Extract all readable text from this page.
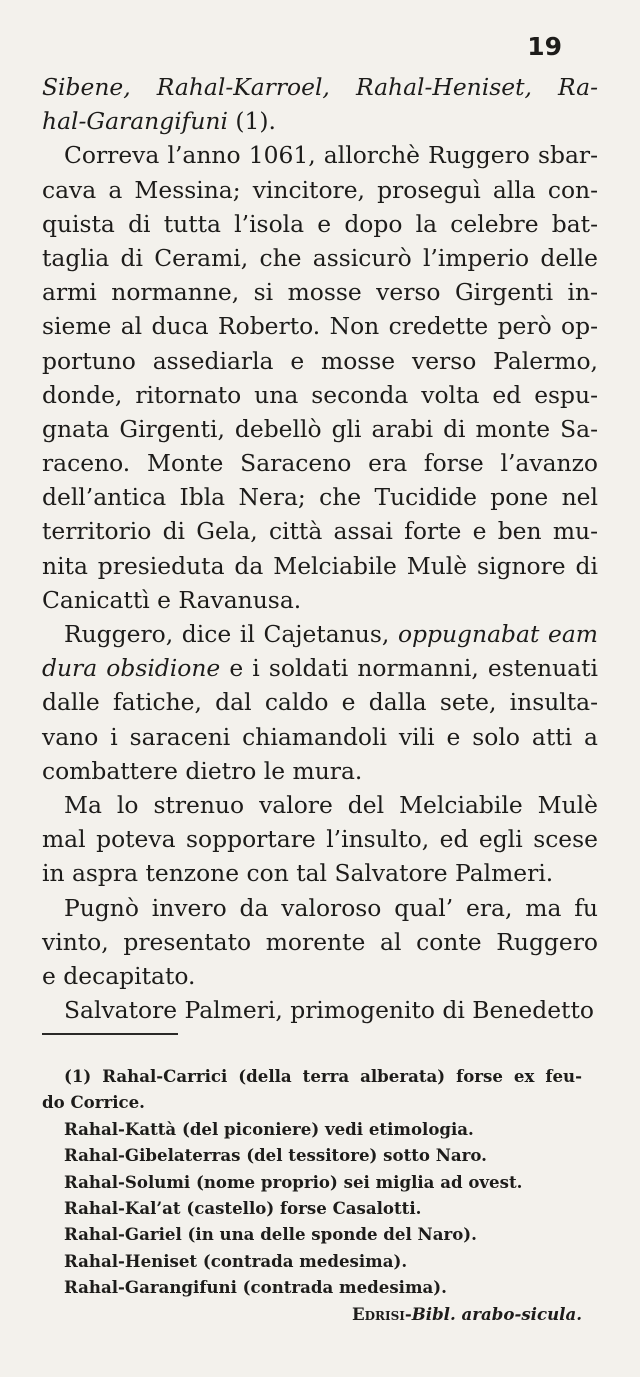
19
Sibene, Rahal-Karroel, Rahal-Heniset, Ra-
hal-Garangifuni (1).
Correva l’anno 1061, allorchè Ruggero sbar-
cava a Messina; vincitore, proseguì alla con-
quista di tutta l’isola e dopo la celebre bat-
taglia di Cerami, che assicurò l’imperio delle
armi normanne, si mosse verso Girgenti in-
sieme al duca Roberto. Non credette però op-
portuno assediarla e mosse verso Palermo,
donde, ritornato una seconda volta ed espu-
gnata Girgenti, debellò gli arabi di monte Sa-
raceno. Monte Saraceno era forse l’avanzo
dell’antica Ibla Nera; che Tucidide pone nel
territorio di Gela, città assai forte e ben mu-
nita presieduta da Melciabile Mulè signore di
Canicattì e Ravanusa.
Ruggero, dice il Cajetanus, oppugnabat eam
dura obsidione e i soldati normanni, estenuati
dalle fatiche, dal caldo e dalla sete, insulta-
vano i saraceni chiamandoli vili e solo atti a
combattere dietro le mura.
Ma lo strenuo valore del Melciabile Mulè
mal poteva sopportare l’insulto, ed egli scese
in aspra tenzone con tal Salvatore Palmeri.
Pugnò invero da valoroso qual’ era, ma fu
vinto, presentato morente al conte Ruggero
e decapitato.
Salvatore Palmeri, primogenito di Benedetto
(1) Rahal-Carrici (della terra alberata) forse ex feu-
do Corrice.
Rahal-Kattà (del piconiere) vedi etimologia.
Rahal-Gibelaterras (del tessitore) sotto Naro.
Rahal-Solumi (nome proprio) sei miglia ad ovest.
Rahal-Kal’at (castello) forse Casalotti.
Rahal-Gariel (in una delle sponde del Naro).
Rahal-Heniset (contrada medesima).
Rahal-Garangifuni (contrada medesima).
Edrisi-Bibl. arabo-sicula.
